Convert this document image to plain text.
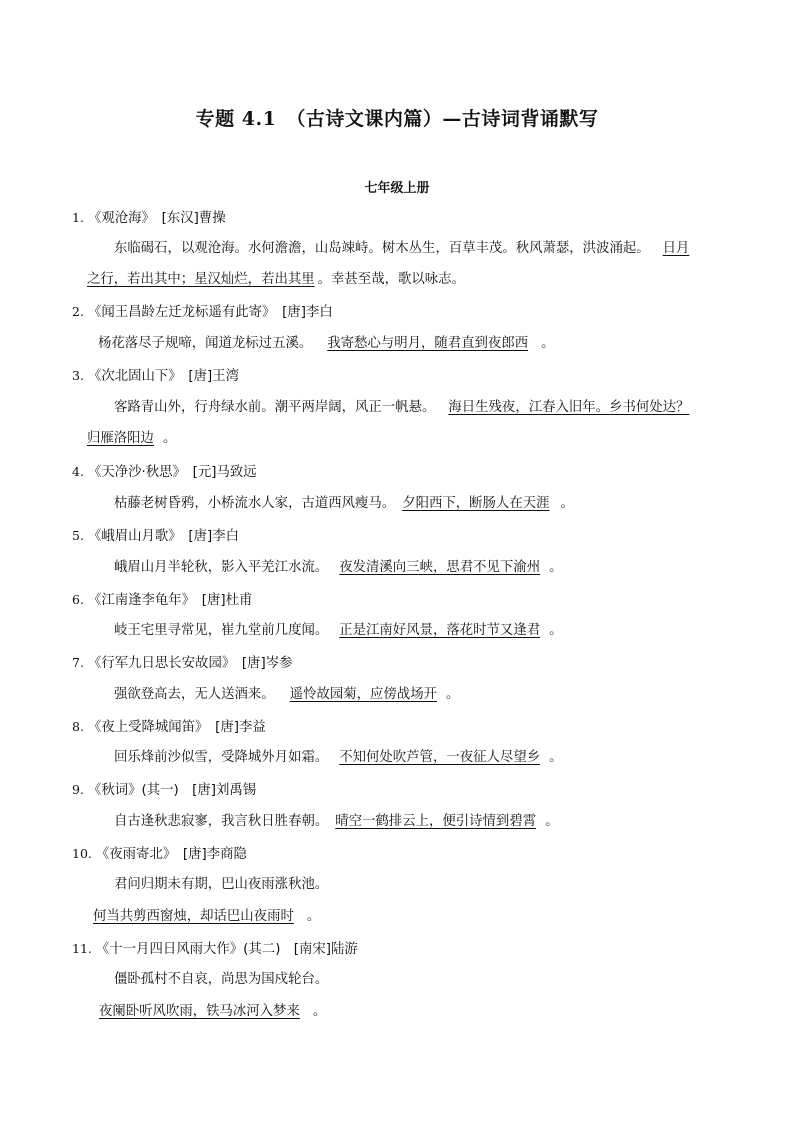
专题 4.1　（古诗文课内篇）—古诗词背诵默写
七年级上册
1. 《观沧海》　[东汉]曹操
东临碣石，以观沧海。水何澹澹，山岛竦峙。树木丛生，百草丰茂。秋风萧瑟，洪波涌起。 日月
之行，若出其中；星汉灿烂，若出其里 。幸甚至哉，歌以咏志。
2. 《闻王昌龄左迁龙标遥有此寄》　[唐]李白
杨花落尽子规啼，闻道龙标过五溪。 我寄愁心与明月，随君直到夜郎西 。
3. 《次北固山下》　[唐]王湾
客路青山外，行舟绿水前。潮平两岸阔，风正一帆悬。 海日生残夜，江春入旧年。乡书何处达？
归雁洛阳边 。
4. 《天净沙·秋思》　[元]马致远
枯藤老树昏鸦，小桥流水人家，古道西风瘦马。 夕阳西下，断肠人在天涯 。
5. 《峨眉山月歌》　[唐]李白
峨眉山月半轮秋，影入平羌江水流。 夜发清溪向三峡，思君不见下渝州 。
6. 《江南逢李龟年》　[唐]杜甫
岐王宅里寻常见，崔九堂前几度闻。 正是江南好风景，落花时节又逢君 。
7. 《行军九日思长安故园》　[唐]岑参
强欲登高去，无人送酒来。 遥怜故园菊，应傍战场开 。
8. 《夜上受降城闻笛》　[唐]李益
回乐烽前沙似雪，受降城外月如霜。 不知何处吹芦管，一夜征人尽望乡 。
9. 《秋词》(其一)　[唐]刘禹锡
自古逢秋悲寂寥，我言秋日胜春朝。 晴空一鹤排云上，便引诗情到碧霄 。
10. 《夜雨寄北》　[唐]李商隐
君问归期未有期，巴山夜雨涨秋池。
何当共剪西窗烛，却话巴山夜雨时 。
11. 《十一月四日风雨大作》(其二)　[南宋]陆游
僵卧孤村不自哀，尚思为国戍轮台。
夜阑卧听风吹雨，铁马冰河入梦来 。
